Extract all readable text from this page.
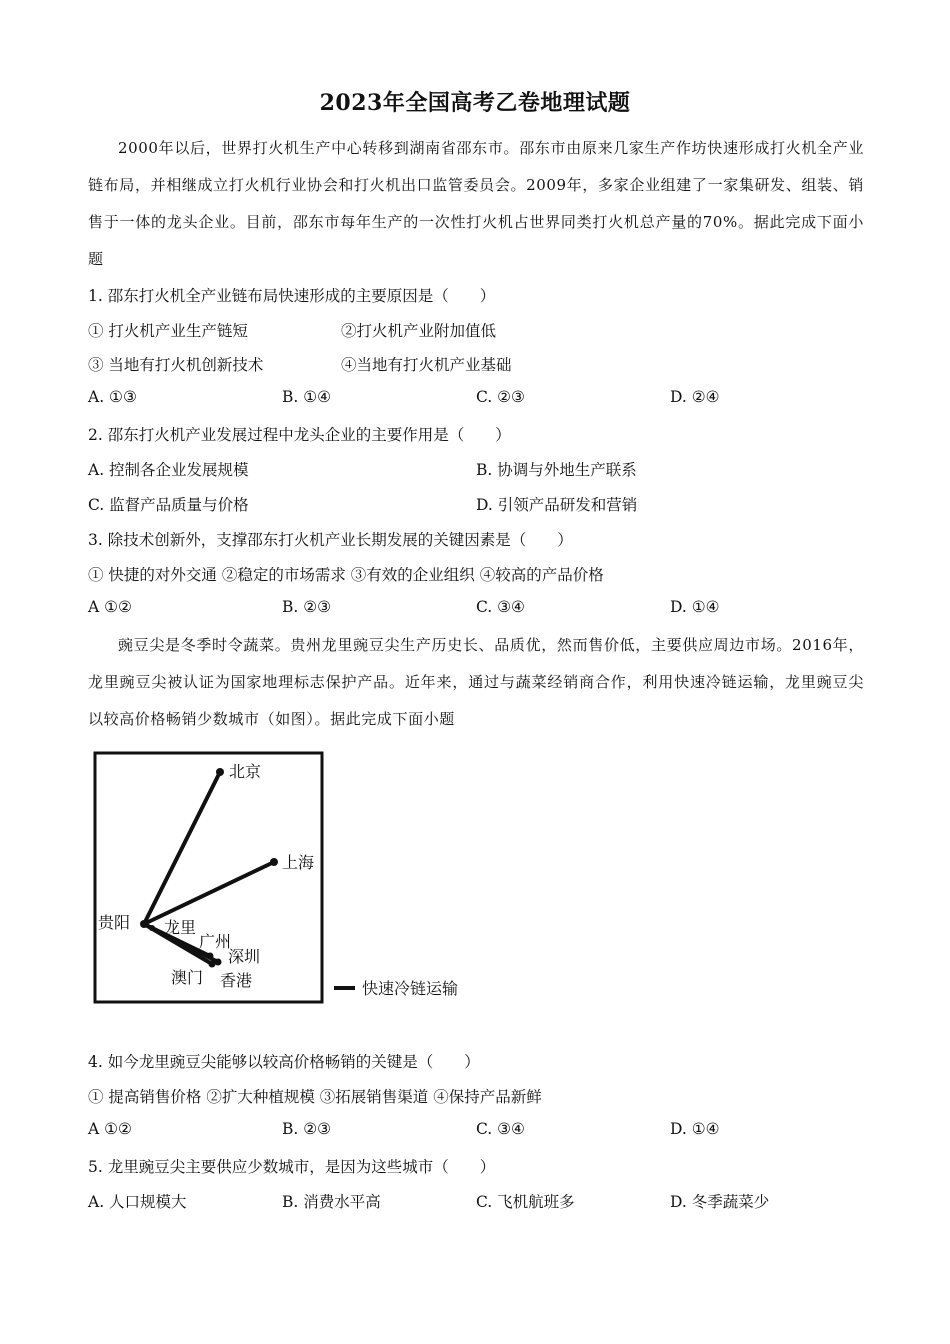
2023年全国高考乙卷地理试题

2000年以后，世界打火机生产中心转移到湖南省邵东市。邵东市由原来几家生产作坊快速形成打火机全产业链布局，并相继成立打火机行业协会和打火机出口监管委员会。2009年，多家企业组建了一家集研发、组装、销售于一体的龙头企业。目前，邵东市每年生产的一次性打火机占世界同类打火机总产量的70%。据此完成下面小题

1. 邵东打火机全产业链布局快速形成的主要原因是（　　）
① 打火机产业生产链短	②打火机产业附加值低
③ 当地有打火机创新技术	④当地有打火机产业基础
A. ①③	B. ①④	C. ②③	D. ②④
2. 邵东打火机产业发展过程中龙头企业的主要作用是（　　）
A. 控制各企业发展规模	B. 协调与外地生产联系
C. 监督产品质量与价格	D. 引领产品研发和营销
3. 除技术创新外，支撑邵东打火机产业长期发展的关键因素是（　　）
① 快捷的对外交通 ②稳定的市场需求 ③有效的企业组织 ④较高的产品价格
A ①②	B. ②③	C. ③④	D. ①④

豌豆尖是冬季时令蔬菜。贵州龙里豌豆尖生产历史长、品质优，然而售价低，主要供应周边市场。2016年，龙里豌豆尖被认证为国家地理标志保护产品。近年来，通过与蔬菜经销商合作，利用快速冷链运输，龙里豌豆尖以较高价格畅销少数城市（如图）。据此完成下面小题

北京
上海
贵阳 龙里
广州
深圳
澳门 香港	快速冷链运输
4. 如今龙里豌豆尖能够以较高价格畅销的关键是（　　）
① 提高销售价格 ②扩大种植规模 ③拓展销售渠道 ④保持产品新鲜
A ①②	B. ②③	C. ③④	D. ①④
5. 龙里豌豆尖主要供应少数城市，是因为这些城市（　　）
A. 人口规模大	B. 消费水平高	C. 飞机航班多	D. 冬季蔬菜少
